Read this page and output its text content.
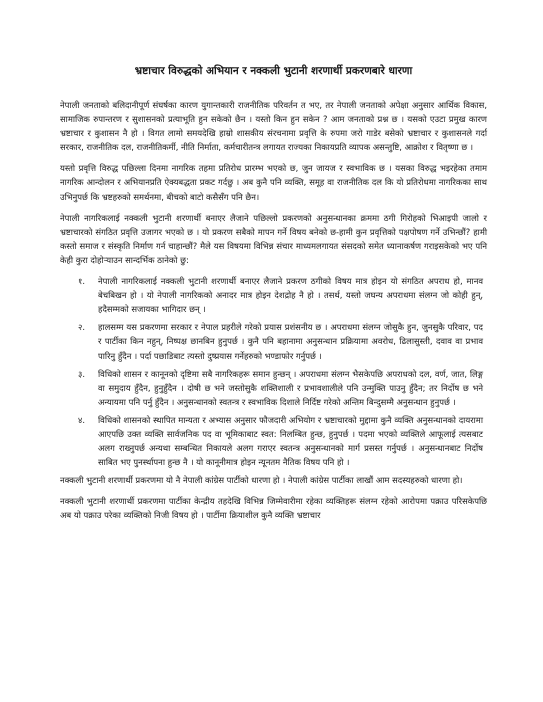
भ्रष्टाचार विरुद्धको अभियान र नक्कली भुटानी शरणार्थी प्रकरणबारे धारणा

नेपाली जनताको बलिदानीपूर्ण संघर्षका कारण युगान्तकारी राजनीतिक परिवर्तन त भए, तर नेपाली जनताको अपेक्षा अनुसार आर्थिक विकास, सामाजिक रुपान्तरण र सुशासनको प्रत्याभूति हुन सकेको छैन । यस्तो किन हुन सकेन ? आम जनताको प्रश्न छ । यसको एउटा प्रमुख कारण भ्रष्टाचार र कुशासन नै हो । विगत लामो समयदेखि हाम्रो शासकीय संरचनामा प्रवृत्ति के रुपमा जरो गाडेर बसेको भ्रष्टाचार र कुशासनले गर्दा सरकार, राजनीतिक दल, राजनीतिकर्मी, नीति निर्माता, कर्मचारीतन्त्र लगायत राज्यका निकायप्रति व्यापक असन्तुष्टि, आक्रोश र वितृष्णा छ ।

यस्तो प्रवृत्ति विरुद्ध पछिल्ला दिनमा नागरिक तहमा प्रतिरोध प्रारम्भ भएको छ, जुन जायज र स्वभाविक छ । यसका विरुद्ध भइरहेका तमाम नागरिक आन्दोलन र अभियानप्रति ऐक्यबद्धता प्रकट गर्दछु । अब कुनै पनि व्यक्ति, समूह वा राजनीतिक दल कि यो प्रतिरोधमा नागरिकका साथ उभिनुपर्छ कि भ्रष्टहरुको समर्थनमा, बीचको बाटो कसैसँग पनि छैन।

नेपाली नागरिकलाई नक्कली भुटानी शरणार्थी बनाएर लैजाने पछिल्लो प्रकरणको अनुसन्धानका क्रममा ठगी गिरोहको भिआइपी जालो र भ्रष्टाचारको संगठित प्रवृत्ति उजागर भएको छ । यो प्रकरण सबैको मापन गर्ने विषय बनेको छ-हामी कुन प्रवृत्तिको पक्षपोषण गर्ने उभिन्छौं? हामी कस्तो समाज र संस्कृति निर्माण गर्न चाहान्छौं? मैले यस विषयमा विभिन्न संचार माध्यमलगायत संसदको समेत ध्यानाकर्षण गराइसकेको भए पनि केही कुरा दोहोर्‍याउन सान्दर्भिक ठानेको छु:

१. नेपाली नागरिकलाई नक्कली भुटानी शरणार्थी बनाएर लैजाने प्रकरण ठगीको विषय मात्र होइन यो संगठित अपराध हो, मानव बेचबिखन हो । यो नेपाली नागरिकको अनादर मात्र होइन देशद्रोह नै हो । तसर्थ, यस्तो जघन्य अपराधमा संलग्न जो कोही हुन्, हदैसम्मको सजायका भागिदार छन् ।
२. हालसम्म यस प्रकरणमा सरकार र नेपाल प्रहरीले गरेको प्रयास प्रशंसनीय छ । अपराधमा संलग्न जोसुकै हुन, जुनसुकै परिवार, पद र पार्टीका किन नहुन्, निष्पक्ष छानबिन हुनुपर्छ । कुनै पनि बहानामा अनुसन्धान प्रक्रियामा अवरोध, ढिलासुस्ती, दवाव वा प्रभाव पारिनु हुँदैन । पर्दा पछाडिबाट त्यस्तो दुष्प्रयास गर्नेहरुको भण्डाफोर गर्नुपर्छ ।
३. विधिको शासन र कानूनको दृष्टिमा सबै नागरिकहरू समान हुन्छन् । अपराधमा संलग्न भैसकेपछि अपराधको दल, वर्ण, जात, लिङ्ग वा समुदाय हुँदैन, हुनुहुँदैन । दोषी छ भने जस्तोसुकै शक्तिशाली र प्रभावशालीले पनि उन्मुक्ति पाउनु हुँदैन; तर निर्दोष छ भने अन्यायमा पनि पर्नु हुँदैन । अनुसन्धानको स्वतन्त्र र स्वभाविक दिशाले निर्दिष्ट गरेको अन्तिम बिन्दुसम्मै अनुसन्धान हुनुपर्छ ।
४. विधिको शासनको स्थापित मान्यता र अभ्यास अनुसार फौजदारी अभियोग र भ्रष्टाचारको मुद्दामा कुनै व्यक्ति अनुसन्धानको दायरामा आएपछि उक्त व्यक्ति सार्वजनिक पद वा भूमिकाबाट स्वत: निलम्बित हुन्छ, हुनुपर्छ । पदमा भएको व्यक्तिले आफूलाई त्यसबाट अलग राख्नुपर्छ अन्यथा सम्बन्धित निकायले अलग गराएर स्वतन्त्र अनुसन्धानको मार्ग प्रसस्त गर्नुपर्छ । अनुसन्धानबाट निर्दोष साबित भए पुनर्स्थापना हुन्छ नै । यो कानूनीमात्र होइन न्यूनतम नैतिक विषय पनि हो ।

नक्कली भुटानी शरणार्थी प्रकरणमा यो नै नेपाली कांग्रेस पार्टीको धारणा हो । नेपाली कांग्रेस पार्टीका लाखौं आम सदस्यहरुको धारणा हो।

नक्कली भुटानी शरणार्थी प्रकरणमा पार्टीका केन्द्रीय तहदेखि विभिन्न जिम्मेवारीमा रहेका व्यक्तिहरू संलग्न रहेको आरोपमा पक्राउ परिसकेपछि अब यो पक्राउ परेका व्यक्तिको निजी विषय हो । पार्टीमा क्रियाशील कुनै व्यक्ति भ्रष्टाचार
